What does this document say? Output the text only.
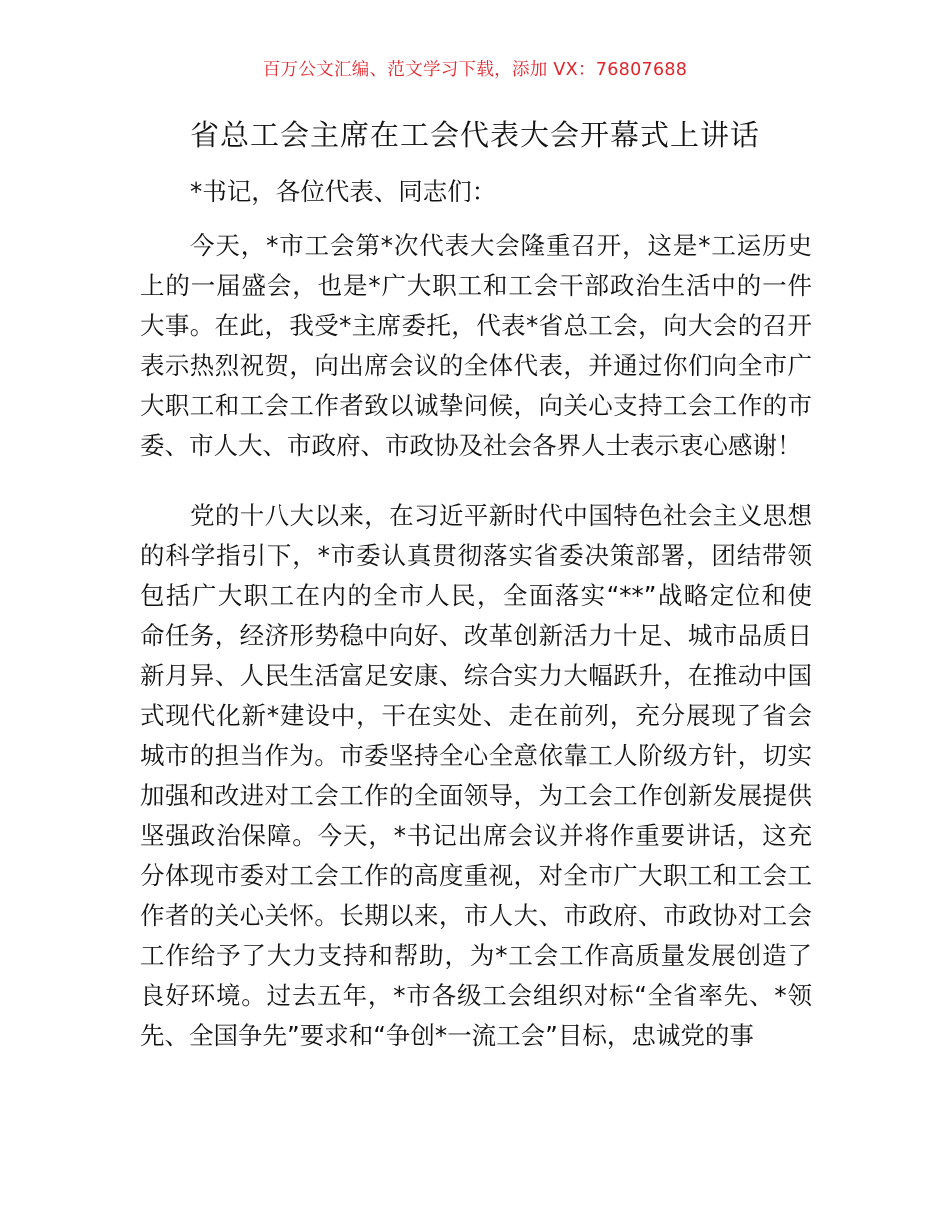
百万公文汇编、范文学习下载，添加 VX：76807688
省总工会主席在工会代表大会开幕式上讲话
*书记，各位代表、同志们：
今天，*市工会第*次代表大会隆重召开，这是*工运历史
上的一届盛会，也是*广大职工和工会干部政治生活中的一件
大事。在此，我受*主席委托，代表*省总工会，向大会的召开
表示热烈祝贺，向出席会议的全体代表，并通过你们向全市广
大职工和工会工作者致以诚挚问候，向关心支持工会工作的市
委、市人大、市政府、市政协及社会各界人士表示衷心感谢！
党的十八大以来，在习近平新时代中国特色社会主义思想
的科学指引下，*市委认真贯彻落实省委决策部署，团结带领
包括广大职工在内的全市人民，全面落实“**”战略定位和使
命任务，经济形势稳中向好、改革创新活力十足、城市品质日
新月异、人民生活富足安康、综合实力大幅跃升，在推动中国
式现代化新*建设中，干在实处、走在前列，充分展现了省会
城市的担当作为。市委坚持全心全意依靠工人阶级方针，切实
加强和改进对工会工作的全面领导，为工会工作创新发展提供
坚强政治保障。今天，*书记出席会议并将作重要讲话，这充
分体现市委对工会工作的高度重视，对全市广大职工和工会工
作者的关心关怀。长期以来，市人大、市政府、市政协对工会
工作给予了大力支持和帮助，为*工会工作高质量发展创造了
良好环境。过去五年，*市各级工会组织对标“全省率先、*领
先、全国争先”要求和“争创*一流工会”目标，忠诚党的事
